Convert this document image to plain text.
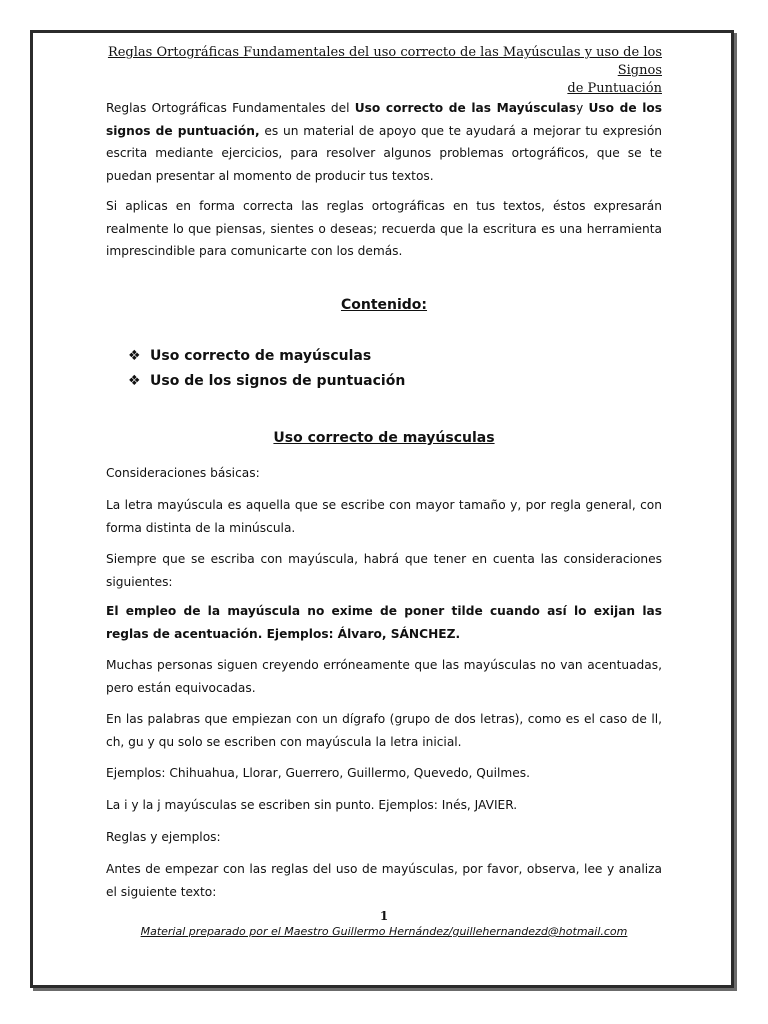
Reglas Ortográficas Fundamentales del uso correcto de las Mayúsculas y uso de los Signos
de Puntuación

Reglas Ortográficas Fundamentales del Uso correcto de las Mayúsculasy Uso de los signos de puntuación, es un material de apoyo que te ayudará a mejorar tu expresión escrita mediante ejercicios, para resolver algunos problemas ortográficos, que se te puedan presentar al momento de producir tus textos.

Si aplicas en forma correcta las reglas ortográficas en tus textos, éstos expresarán realmente lo que piensas, sientes o deseas; recuerda que la escritura es una herramienta imprescindible para comunicarte con los demás.

Contenido:
❖ Uso correcto de mayúsculas
❖ Uso de los signos de puntuación
Uso correcto de mayúsculas

Consideraciones básicas:

La letra mayúscula es aquella que se escribe con mayor tamaño y, por regla general, con forma distinta de la minúscula.

Siempre que se escriba con mayúscula, habrá que tener en cuenta las consideraciones siguientes:

El empleo de la mayúscula no exime de poner tilde cuando así lo exijan las reglas de acentuación. Ejemplos: Álvaro, SÁNCHEZ.

Muchas personas siguen creyendo erróneamente que las mayúsculas no van acentuadas, pero están equivocadas.

En las palabras que empiezan con un dígrafo (grupo de dos letras), como es el caso de ll, ch, gu y qu solo se escriben con mayúscula la letra inicial.

Ejemplos: Chihuahua, Llorar, Guerrero, Guillermo, Quevedo, Quilmes.

La i y la j mayúsculas se escriben sin punto. Ejemplos: Inés, JAVIER.

Reglas y ejemplos:

Antes de empezar con las reglas del uso de mayúsculas, por favor, observa, lee y analiza el siguiente texto:

1
Material preparado por el Maestro Guillermo Hernández/guillehernandezd@hotmail.com
